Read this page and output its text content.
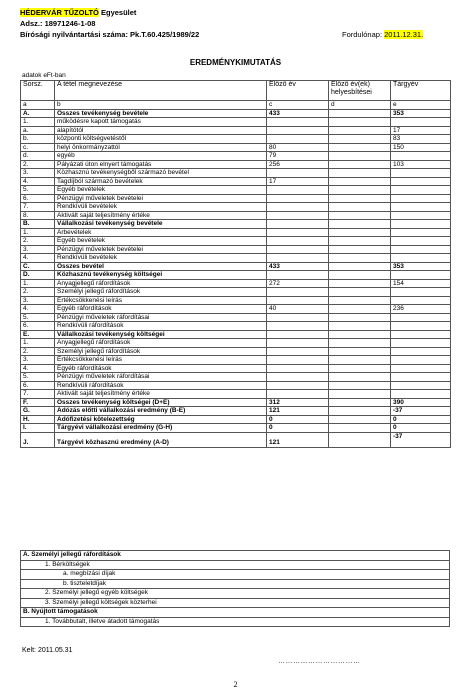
HÉDERVÁR TŰZOLTÓ Egyesület
Adsz.: 18971246-1-08
Bírósági nyilvántartási száma: Pk.T.60.425/1989/22	Fordulónap: 2011.12.31.
EREDMÉNYKIMUTATÁS
adatok eFt-ban
Sorsz.	A tétel megnevezése	Előző év	Előző év(ek) helyesbítései	Tárgyév
a	b	c	d	e
A.	Összes tevékenység bevétele	433		353
1.	működésre kapott támogatás			
a.	alapítótól			17
b.	központi költségvetéstől			83
c.	helyi önkormányzattól	80		150
d.	egyéb	79		
2.	Pályázati úton elnyert támogatás	256		103
3.	Közhasznú tevékenységből származó bevétel			
4.	Tagdíjból származó bevételek	17		
5.	Egyéb bevételek			
6.	Pénzügyi műveletek bevételei			
7.	Rendkívüli bevételek			
8.	Aktivált saját teljesítmény értéke			
B.	Vállalkozási tevékenység bevétele			
1.	Árbevételek			
2.	Egyéb bevételek			
3.	Pénzügyi műveletek bevételei			
4.	Rendkívüli bevételek			
C.	Összes bevétel	433		353
D.	Közhasznú tevékenység költségei			
1.	Anyagjellegű ráfordítások	272		154
2.	Személyi jellegű ráfordítások			
3.	Értékcsökkenési leírás			
4.	Egyéb ráfordítások	40		236
5.	Pénzügyi műveletek ráfordításai			
6.	Rendkívüli ráfordítások			
E.	Vállalkozási tevékenység költségei			
1.	Anyagjellegű ráfordítások			
2.	Személyi jellegű ráfordítások			
3.	Értékcsökkenési leírás			
4.	Egyéb ráfordítások			
5.	Pénzügyi műveletek ráfordításai			
6.	Rendkívüli ráfordítások			
7.	Aktivált saját teljesítmény értéke			
F.	Összes tevékenység költségei (D+E)	312		390
G.	Adózás előtti vállalkozási eredmény (B-E)	121		-37
H.	Adófizetési kötelezettség	0		0
I.	Tárgyévi vállalkozási eredmény (G-H)	0		0
J.	Tárgyévi közhasznú eredmény (A-D)	121		-37
A. Személyi jellegű ráfordítások
1. Bérköltségek
a. megbízási díjak
b. tiszteletdíjak
2. Személyi jellegű egyéb költségek
3. Személyi jellegű költségek közterhei
B. Nyújtott támogatások
1. Továbbutalt, illetve átadott támogatás
Kelt: 2011.05.31
……………………………
2
